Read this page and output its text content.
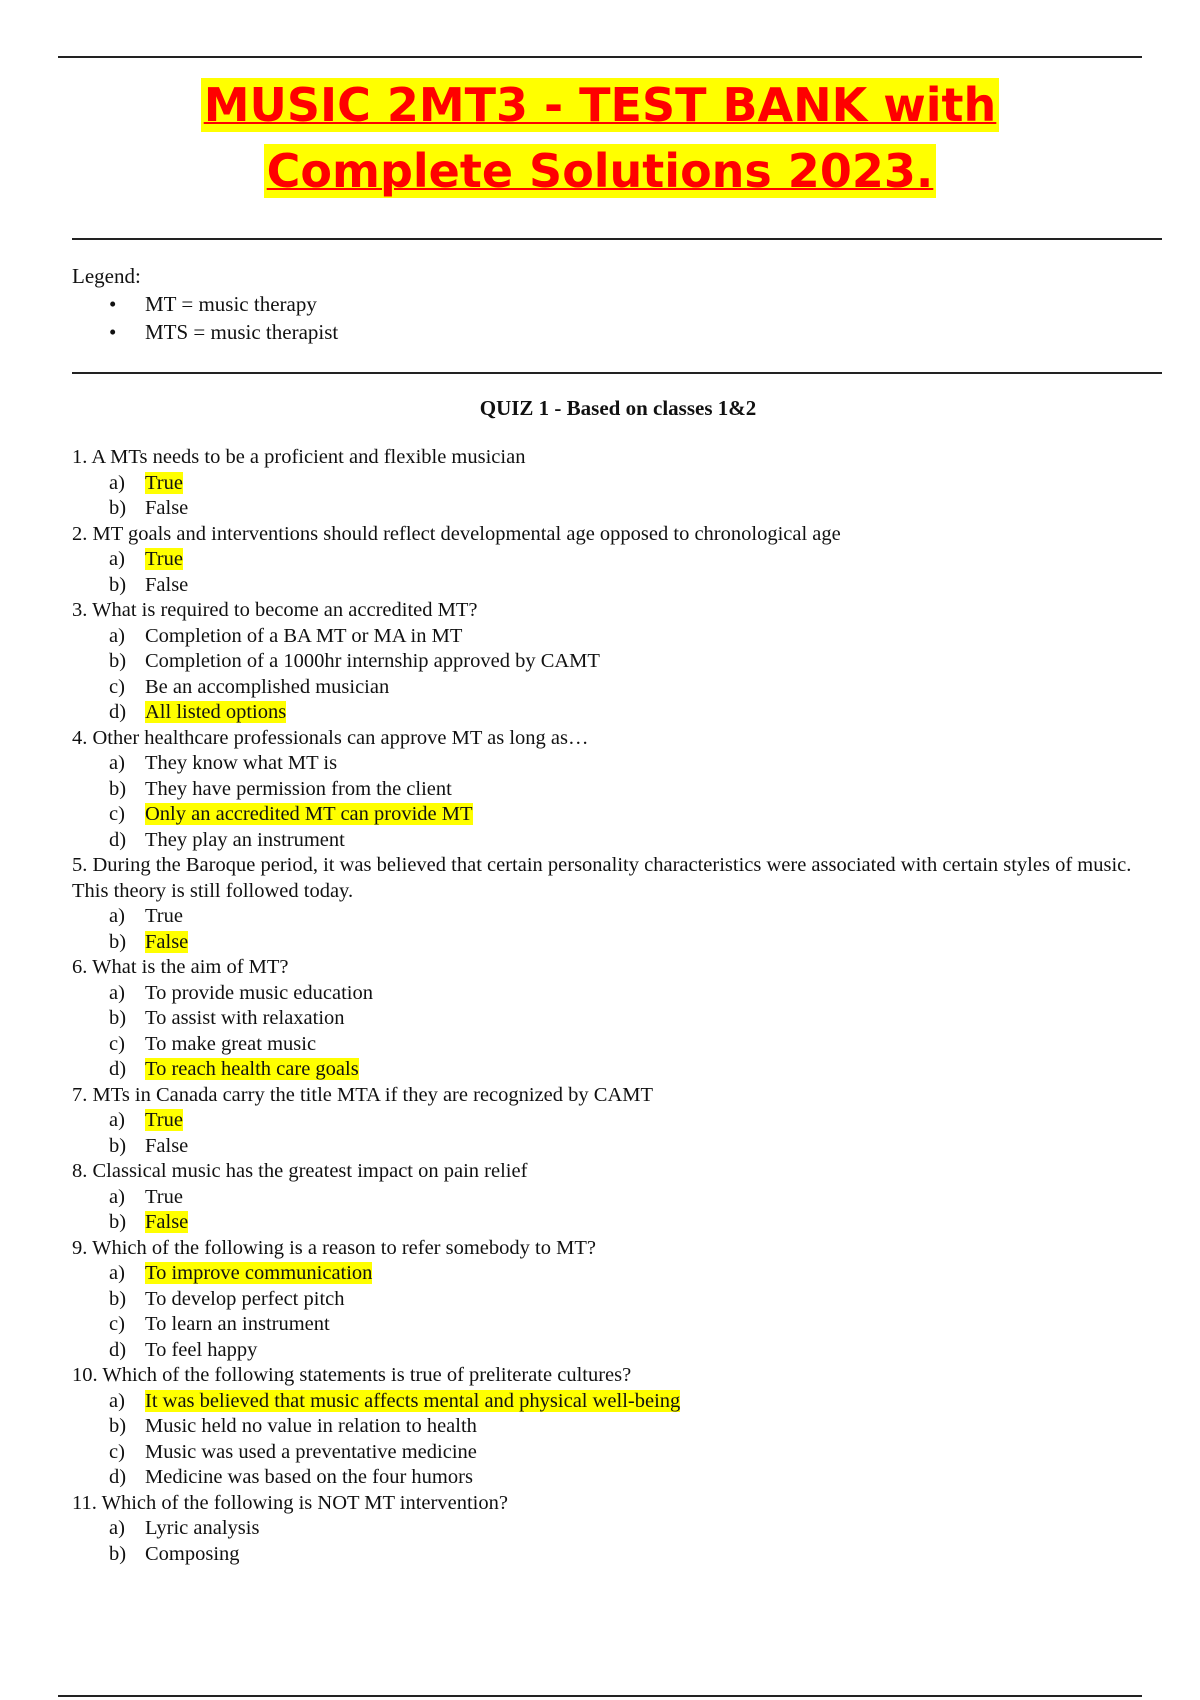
MUSIC 2MT3 - TEST BANK with
Complete Solutions 2023.
Legend:
• MT = music therapy
• MTS = music therapist
QUIZ 1 - Based on classes 1&2

1. A MTs needs to be a proficient and flexible musician

a) True
b) False

2. MT goals and interventions should reflect developmental age opposed to chronological age

a) True
b) False

3. What is required to become an accredited MT?

a) Completion of a BA MT or MA in MT
b) Completion of a 1000hr internship approved by CAMT
c) Be an accomplished musician
d) All listed options

4. Other healthcare professionals can approve MT as long as…

a) They know what MT is
b) They have permission from the client
c) Only an accredited MT can provide MT
d) They play an instrument

5. During the Baroque period, it was believed that certain personality characteristics were associated with certain styles of music. This theory is still followed today.

a) True
b) False

6. What is the aim of MT?

a) To provide music education
b) To assist with relaxation
c) To make great music
d) To reach health care goals

7. MTs in Canada carry the title MTA if they are recognized by CAMT

a) True
b) False

8. Classical music has the greatest impact on pain relief

a) True
b) False

9. Which of the following is a reason to refer somebody to MT?

a) To improve communication
b) To develop perfect pitch
c) To learn an instrument
d) To feel happy

10. Which of the following statements is true of preliterate cultures?

a) It was believed that music affects mental and physical well-being
b) Music held no value in relation to health
c) Music was used a preventative medicine
d) Medicine was based on the four humors

11. Which of the following is NOT MT intervention?

a) Lyric analysis
b) Composing
